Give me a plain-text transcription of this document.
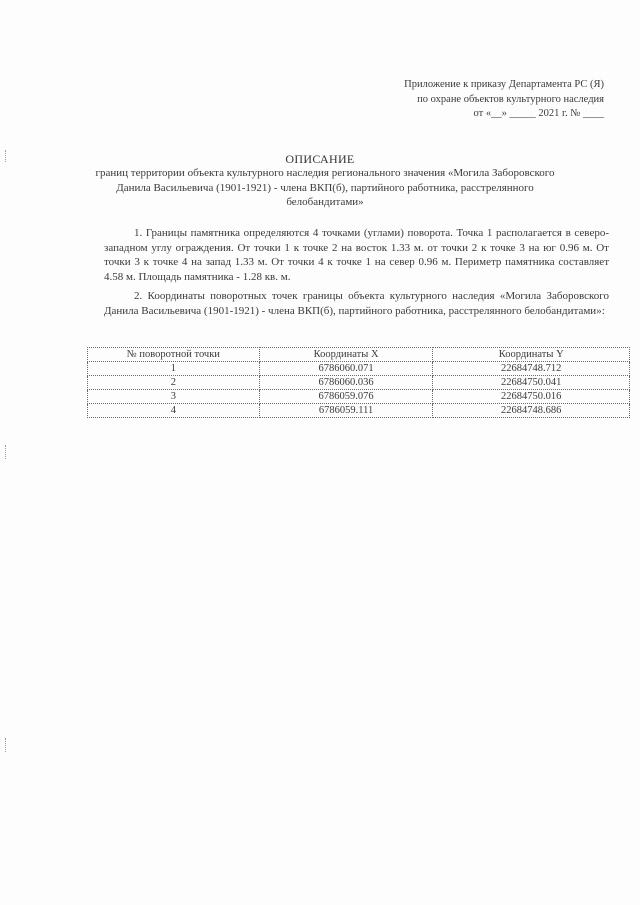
Приложение к приказу Департамента РС (Я)
по охране объектов культурного наследия
от «__» _____ 2021 г. № ____
ОПИСАНИЕ
границ территории объекта культурного наследия регионального значения «Могила Заборовского Данила Васильевича (1901-1921) - члена ВКП(б), партийного работника, расстрелянного белобандитами»
1. Границы памятника определяются 4 точками (углами) поворота. Точка 1 располагается в северо-западном углу ограждения. От точки 1 к точке 2 на восток 1.33 м. от точки 2 к точке 3 на юг 0.96 м. От точки 3 к точке 4 на запад 1.33 м. От точки 4 к точке 1 на север 0.96 м. Периметр памятника составляет 4.58 м. Площадь памятника - 1.28 кв. м.
2. Координаты поворотных точек границы объекта культурного наследия «Могила Заборовского Данила Васильевича (1901-1921) - члена ВКП(б), партийного работника, расстрелянного белобандитами»:
№ поворотной точки	Координаты X	Координаты Y
1	6786060.071	22684748.712
2	6786060.036	22684750.041
3	6786059.076	22684750.016
4	6786059.111	22684748.686
